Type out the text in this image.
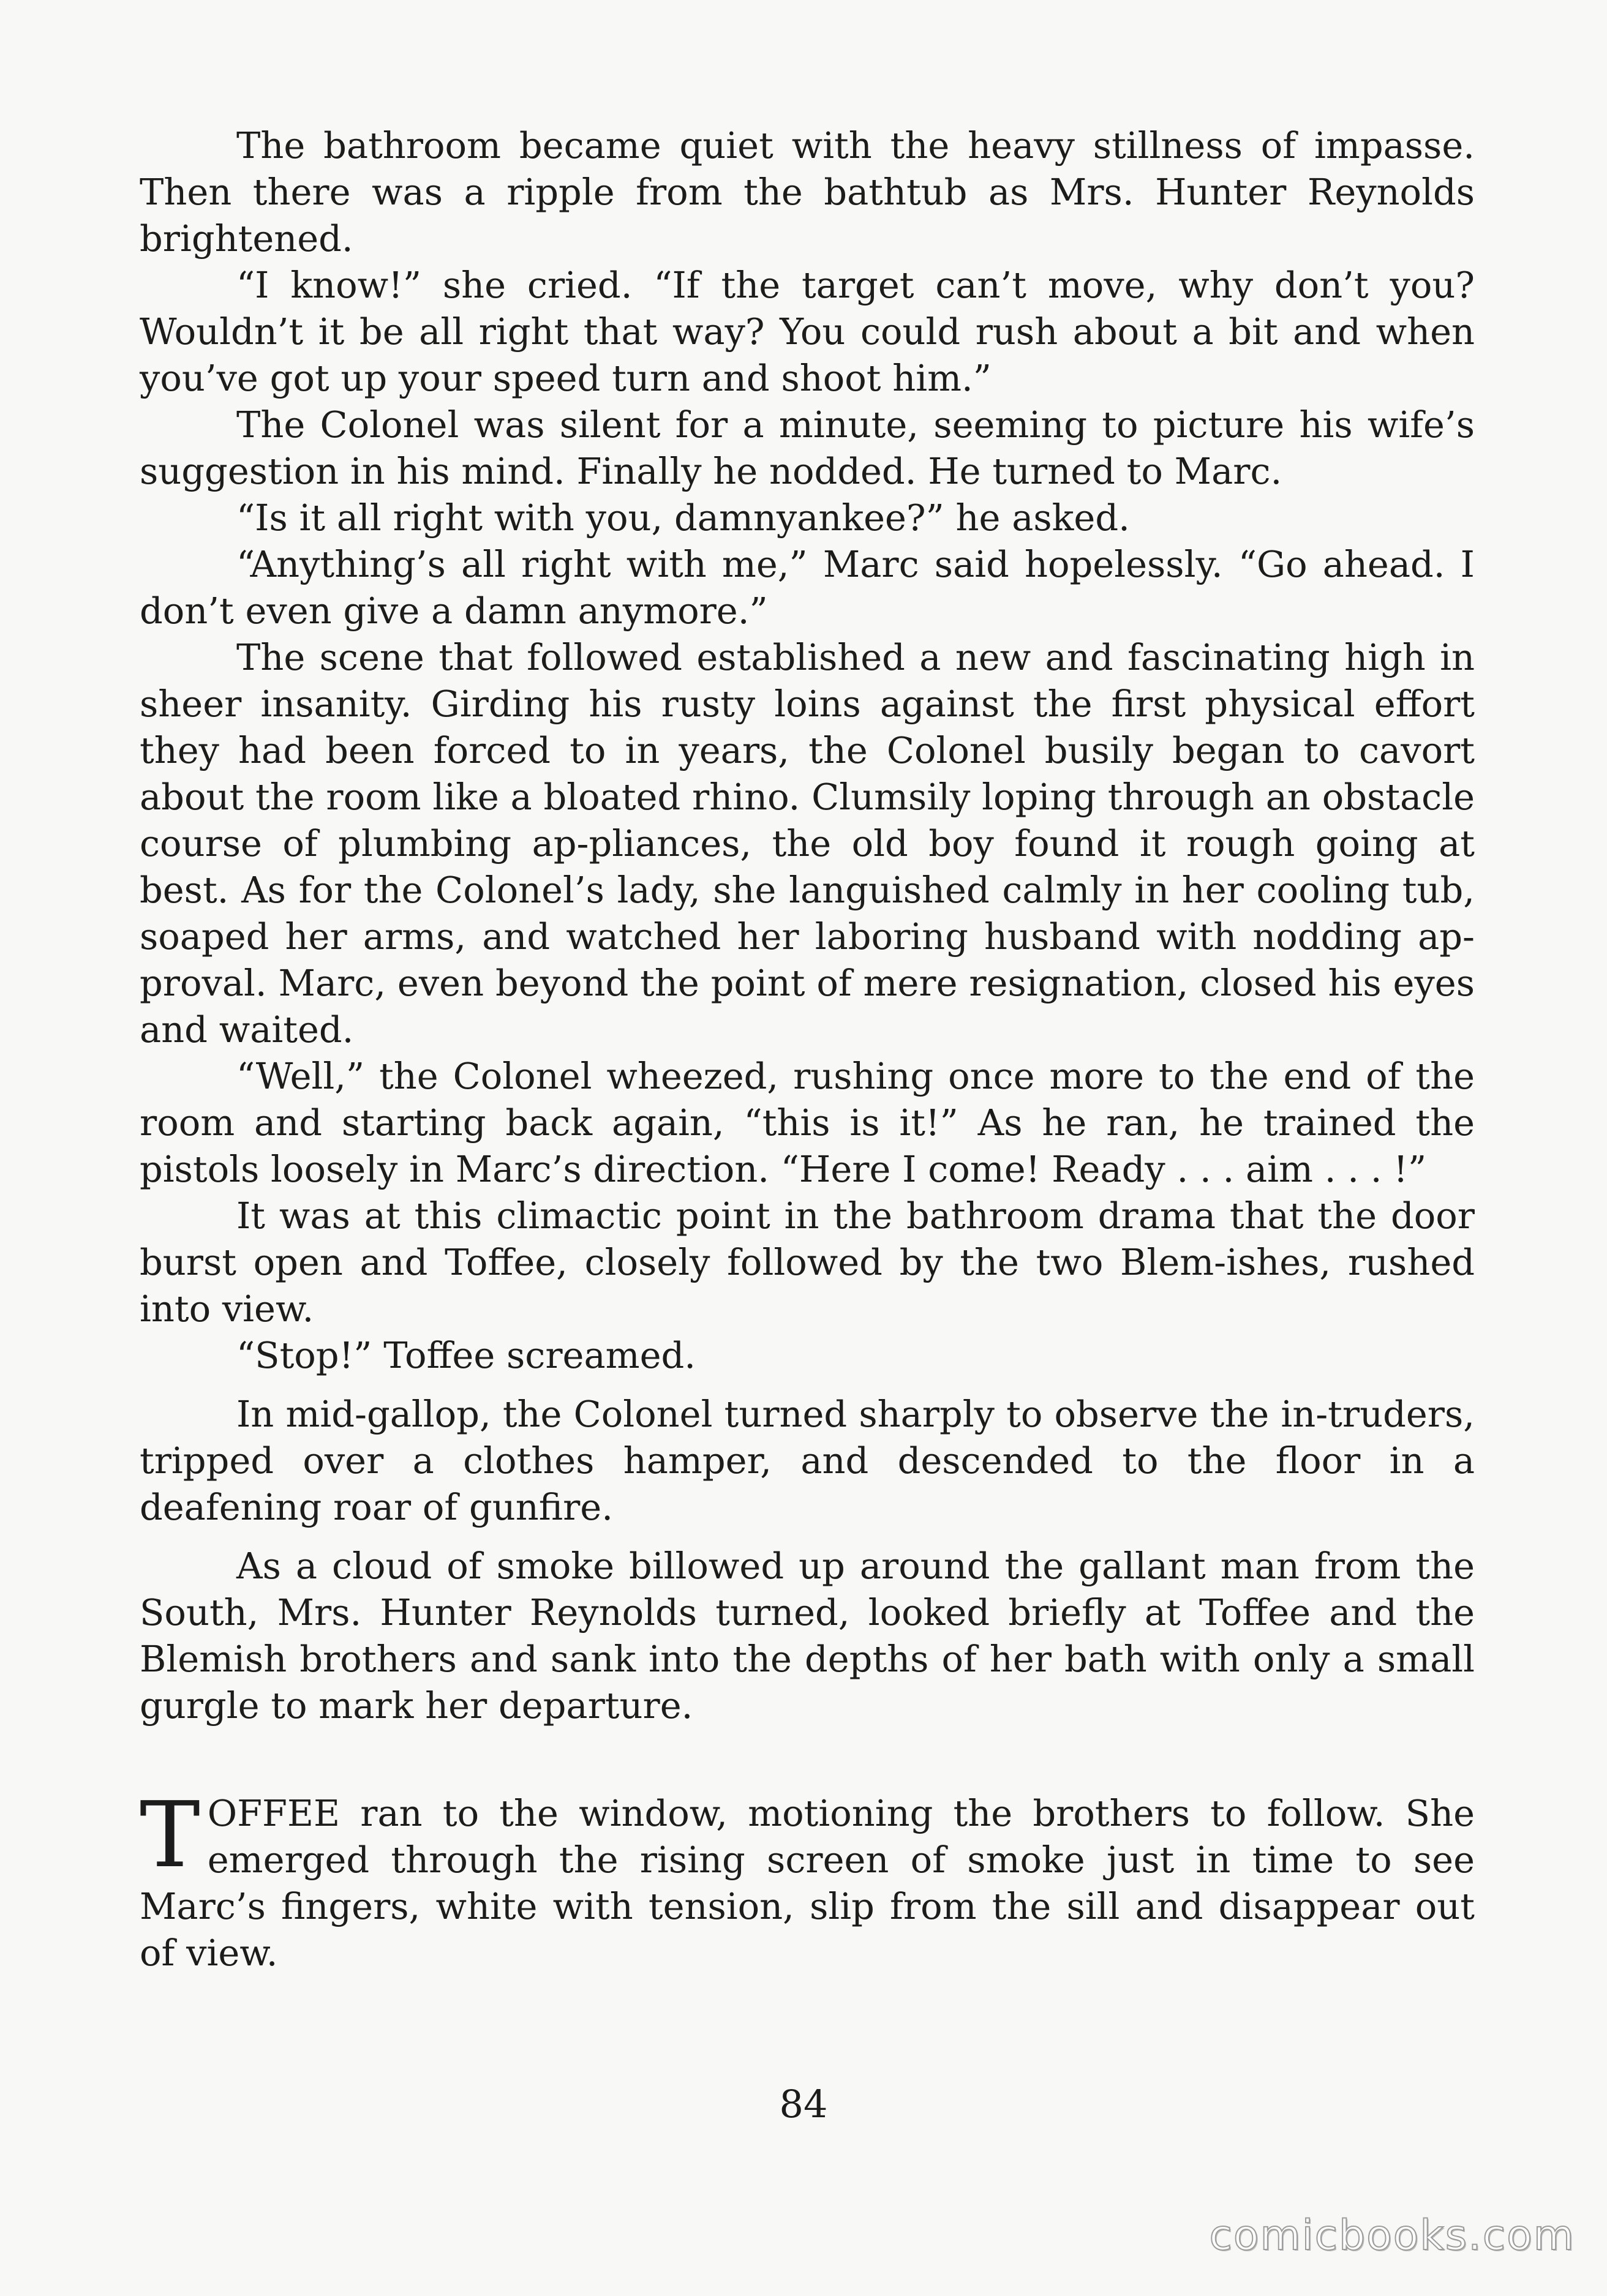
The bathroom became quiet with the heavy stillness of impasse. Then there was a ripple from the bathtub as Mrs. Hunter Reynolds brightened.

“I know!” she cried. “If the target can’t move, why don’t you? Wouldn’t it be all right that way? You could rush about a bit and when you’ve got up your speed turn and shoot him.”

The Colonel was silent for a minute, seeming to picture his wife’s suggestion in his mind. Finally he nodded. He turned to Marc.

“Is it all right with you, damnyankee?” he asked.

“Anything’s all right with me,” Marc said hopelessly. “Go ahead. I don’t even give a damn anymore.”

The scene that followed established a new and fascinating high in sheer insanity. Girding his rusty loins against the first physical effort they had been forced to in years, the Colonel busily began to cavort about the room like a bloated rhino. Clumsily loping through an obstacle course of plumbing ap-pliances, the old boy found it rough going at best. As for the Colonel’s lady, she languished calmly in her cooling tub, soaped her arms, and watched her laboring husband with nodding ap-proval. Marc, even beyond the point of mere resignation, closed his eyes and waited.

“Well,” the Colonel wheezed, rushing once more to the end of the room and starting back again, “this is it!” As he ran, he trained the pistols loosely in Marc’s direction. “Here I come! Ready . . . aim . . . !”

It was at this climactic point in the bathroom drama that the door burst open and Toffee, closely followed by the two Blem-ishes, rushed into view.

“Stop!” Toffee screamed.

In mid-gallop, the Colonel turned sharply to observe the in-truders, tripped over a clothes hamper, and descended to the floor in a deafening roar of gunfire.

As a cloud of smoke billowed up around the gallant man from the South, Mrs. Hunter Reynolds turned, looked briefly at Toffee and the Blemish brothers and sank into the depths of her bath with only a small gurgle to mark her departure.

TOFFEE ran to the window, motioning the brothers to follow. She emerged through the rising screen of smoke just in time to see Marc’s fingers, white with tension, slip from the sill and disappear out of view.

84
comicbooks.com
